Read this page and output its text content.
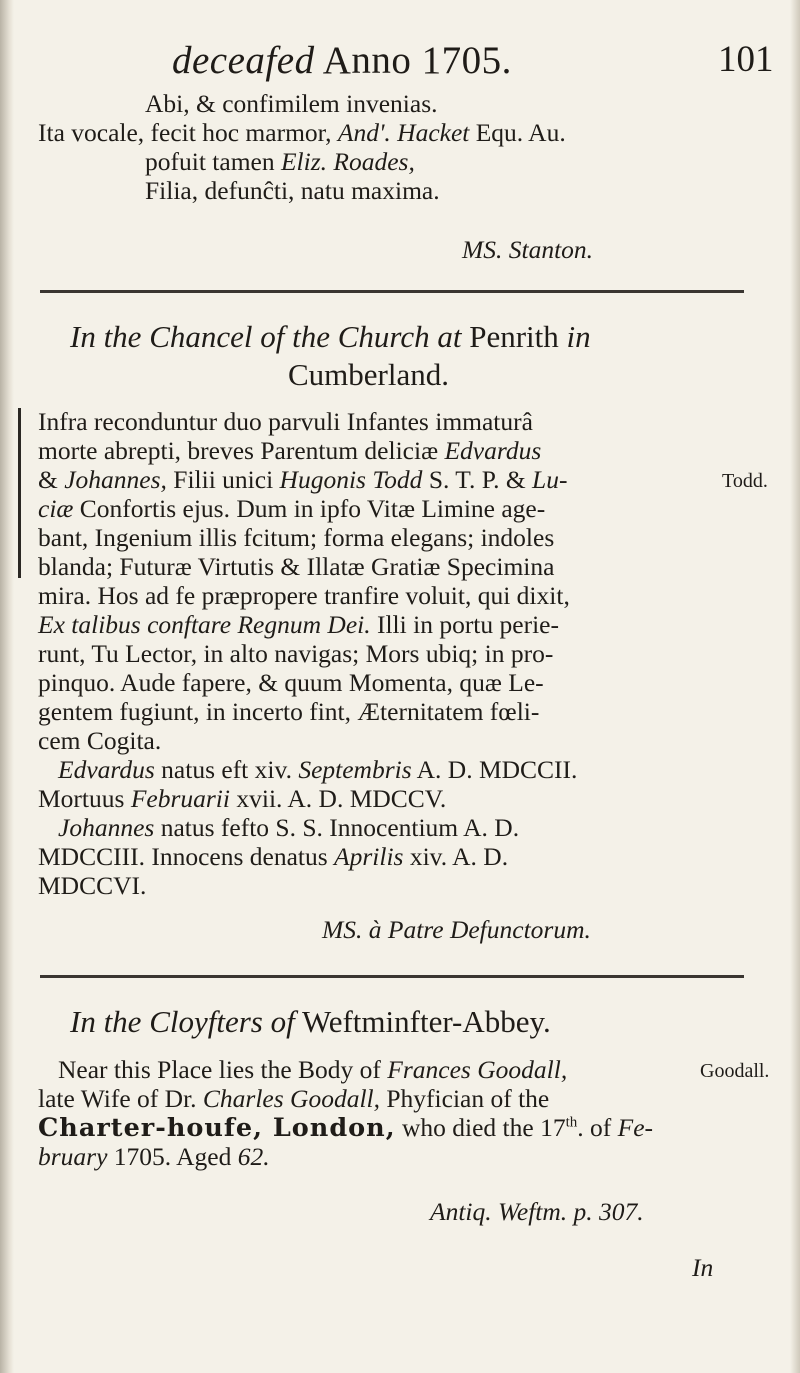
deceafed Anno 1705.	101
Abi, & confimilem invenias.
Ita vocale, fecit hoc marmor, And'. Hacket Equ. Au.
pofuit tamen Eliz. Roades,
Filia, defunĉti, natu maxima.
MS. Stanton.
In the Chancel of the Church at Penrith in
Cumberland.
Infra reconduntur duo parvuli Infantes immaturâ
morte abrepti, breves Parentum deliciæ Edvardus
& Johannes, Filii unici Hugonis Todd S. T. P. & Lu-	Todd.
ciæ Confortis ejus. Dum in ipfo Vitæ Limine age-
bant, Ingenium illis fcitum; forma elegans; indoles
blanda; Futuræ Virtutis & Illatæ Gratiæ Specimina
mira. Hos ad fe præpropere tranfire voluit, qui dixit,
Ex talibus conftare Regnum Dei. Illi in portu perie-
runt, Tu Lector, in alto navigas; Mors ubiq; in pro-
pinquo. Aude fapere, & quum Momenta, quæ Le-
gentem fugiunt, in incerto fint, Æternitatem fœli-
cem Cogita.
Edvardus natus eft xiv. Septembris A. D. MDCCII.
Mortuus Februarii xvii. A. D. MDCCV.
Johannes natus fefto S. S. Innocentium A. D.
MDCCIII. Innocens denatus Aprilis xiv. A. D.
MDCCVI.
MS. à Patre Defunctorum.
In the Cloyfters of Weftminfter-Abbey.
Near this Place lies the Body of Frances Goodall,	Goodall.
late Wife of Dr. Charles Goodall, Phyfician of the
Charter-houfe, London, who died the 17th. of Fe-
bruary 1705. Aged 62.
Antiq. Weftm. p. 307.
In
